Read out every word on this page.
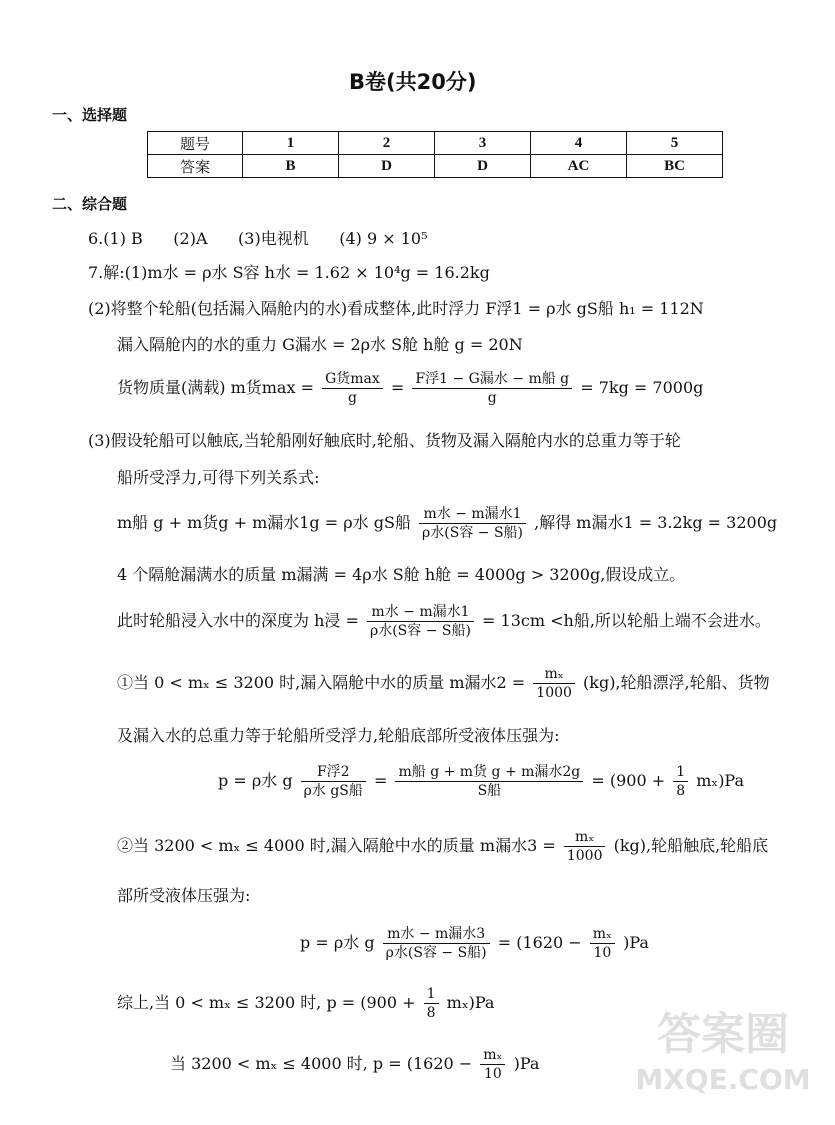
B卷(共20分)
一、选择题
题号	1	2	3	4	5
答案	B	D	D	AC	BC
二、综合题
6.(1) B      (2)A      (3)电视机      (4) 9 × 10⁵
7.解:(1)m水 = ρ水 S容 h水 = 1.62 × 10⁴g = 16.2kg
(2)将整个轮船(包括漏入隔舱内的水)看成整体,此时浮力 F浮1 = ρ水 gS船 h₁ = 112N
漏入隔舱内的水的重力 G漏水 = 2ρ水 S舱 h舱 g = 20N
货物质量(满载) m货$\max = \frac{\text{G货max}}{g} = \frac{\text{F浮1 − G漏水 − m船 g}}{g} = 7kg = 7000g$
(3)假设轮船可以触底,当轮船刚好触底时,轮船、货物及漏入隔舱内水的总重力等于轮
船所受浮力,可得下列关系式:
m船 g + m货g + m漏水1g = ρ水 gS船 $\frac{\text{m水 − m漏水1}}{\text{ρ水(S容 − S船)}}$ ,解得 m漏水1 = 3.2kg = 3200g
4 个隔舱漏满水的质量 m漏满 = 4ρ水 S舱 h舱 = 4000g > 3200g,假设成立。
此时轮船浸入水中的深度为 h浸 = $\frac{\text{m水 − m漏水1}}{\text{ρ水(S容 − S船)}} = 13cm <h$船,所以轮船上端不会进水。
①当 0 < mₓ ≤ 3200 时,漏入隔舱中水的质量 m漏水$2 = \frac{\text{mₓ}}{1000} (kg)$,轮船漂浮,轮船、货物
及漏入水的总重力等于轮船所受浮力,轮船底部所受液体压强为:
p = ρ水 g $\frac{\text{F浮2}}{\text{ρ水 gS船}} = \frac{\text{m船 g + m货 g + m漏水2g}}{\text{S船}} = (900 + \frac{1}{8} m_x)Pa$
②当 3200 < mₓ ≤ 4000 时,漏入隔舱中水的质量 m漏水$3 = \frac{\text{mₓ}}{1000} (kg)$,轮船触底,轮船底
部所受液体压强为:
p = ρ水 g $\frac{\text{m水 − m漏水3}}{\text{ρ水(S容 − S船)}} = (1620 - \frac{\text{mₓ}}{10} )Pa$
综上,当 0 < mₓ ≤ 3200 时, $p = (900 + \frac{1}{8} m_x)Pa$
当 3200 < mₓ ≤ 4000 时, $p = (1620 - \frac{\text{mₓ}}{10} )Pa$
答案圈
MXQE.COM
